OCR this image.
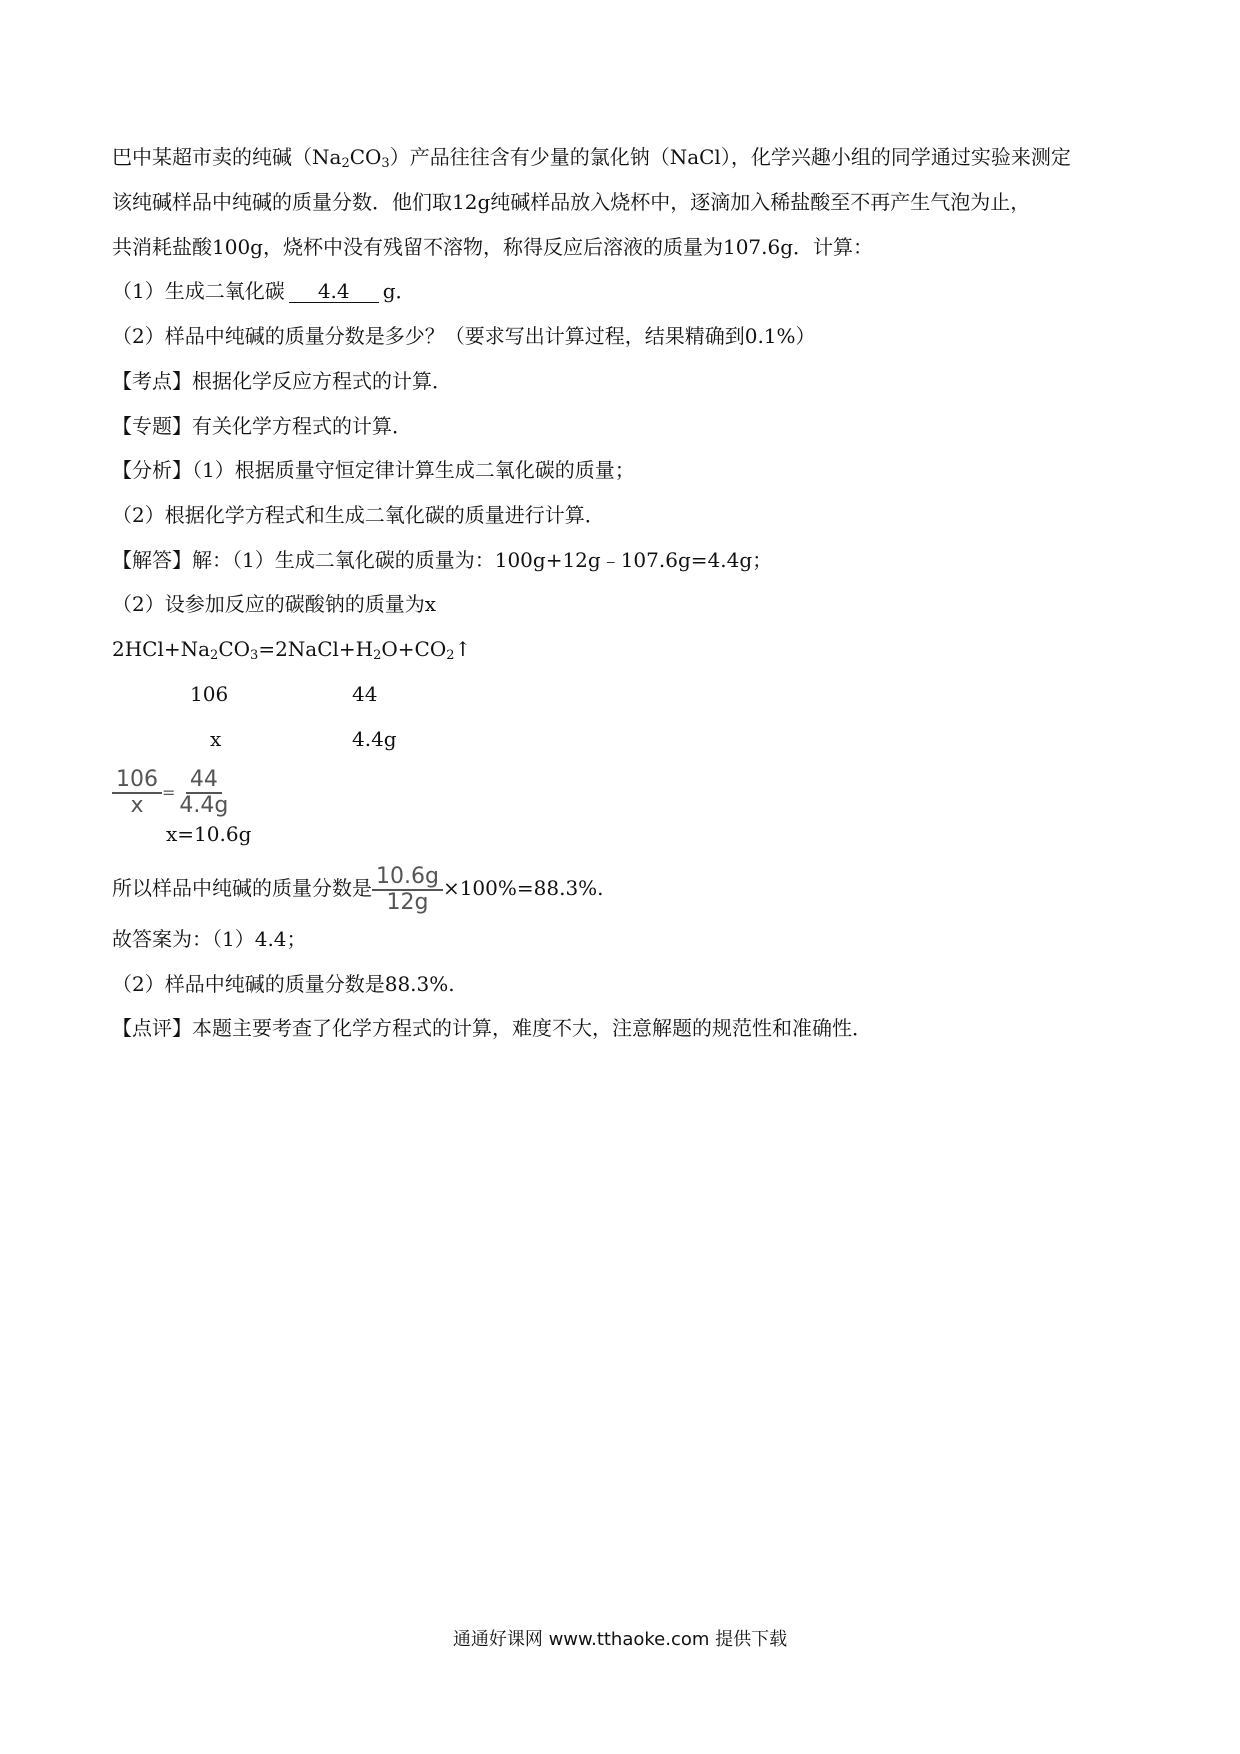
巴中某超市卖的纯碱$(Na_2CO_3)$产品往往含有少量的氯化钠（NaCl），化学兴趣小组的同学通过实验来测定
该纯碱样品中纯碱的质量分数．他们取12g纯碱样品放入烧杯中，逐滴加入稀盐酸至不再产生气泡为止，
共消耗盐酸100g，烧杯中没有残留不溶物，称得反应后溶液的质量为107.6g．计算：
（1）生成二氧化碳 4.4 g．
（2）样品中纯碱的质量分数是多少？（要求写出计算过程，结果精确到0.1%）
【考点】根据化学反应方程式的计算．
【专题】有关化学方程式的计算．
【分析】（1）根据质量守恒定律计算生成二氧化碳的质量；
（2）根据化学方程式和生成二氧化碳的质量进行计算．
【解答】解：（1）生成二氧化碳的质量为：100g+12g﹣107.6g=4.4g；
（2）设参加反应的碳酸钠的质量为x
$2HCl+Na_2CO_3=2NaCl+H_2O+CO_2↑$
106	44
x	4.4g
$\frac{106}{x} = \frac{44}{4.4g}$
x=10.6g
所以样品中纯碱的质量分数是 $\frac{10.6g}{12g} \times 100\%=88.3\%$.
故答案为：（1）4.4；
（2）样品中纯碱的质量分数是88.3%.
【点评】本题主要考查了化学方程式的计算，难度不大，注意解题的规范性和准确性．
通通好课网 www.tthaoke.com 提供下载
